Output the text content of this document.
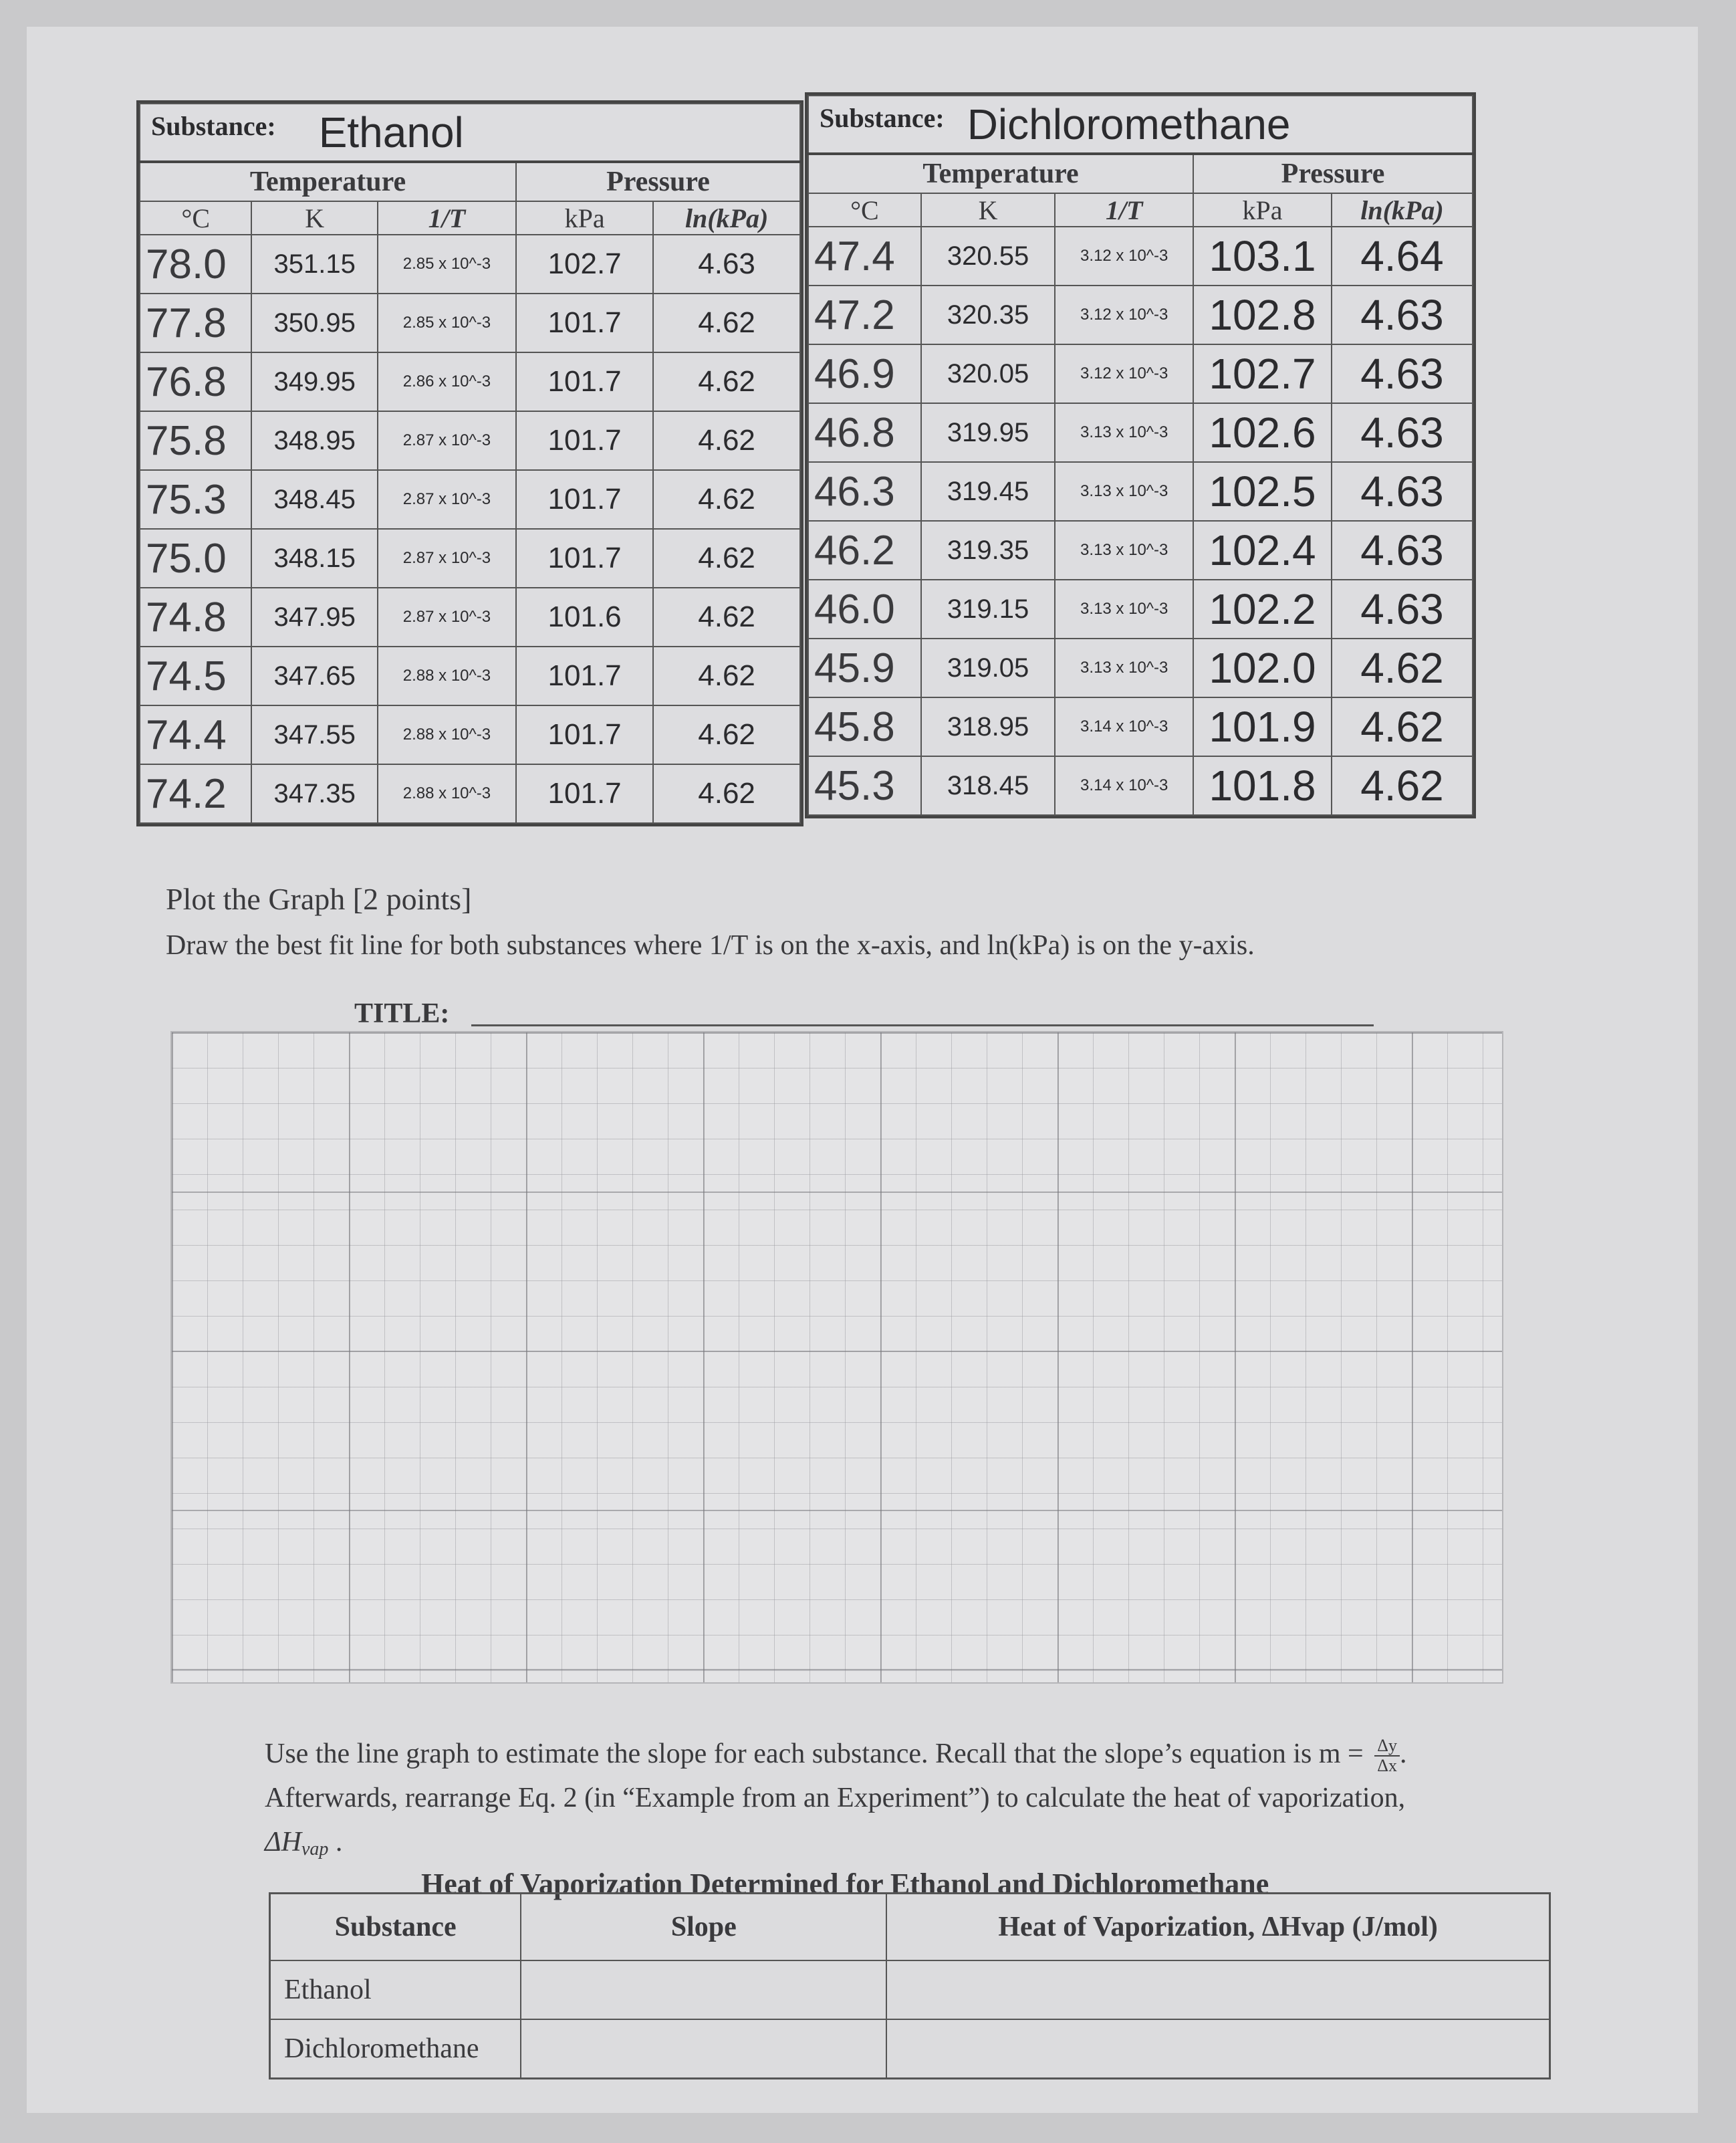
Substance: Ethanol				
Temperature			Pressure	
°C	K	1/T	kPa	ln(kPa)
78.0	351.15	2.85 x 10^-3	102.7	4.63
77.8	350.95	2.85 x 10^-3	101.7	4.62
76.8	349.95	2.86 x 10^-3	101.7	4.62
75.8	348.95	2.87 x 10^-3	101.7	4.62
75.3	348.45	2.87 x 10^-3	101.7	4.62
75.0	348.15	2.87 x 10^-3	101.7	4.62
74.8	347.95	2.87 x 10^-3	101.6	4.62
74.5	347.65	2.88 x 10^-3	101.7	4.62
74.4	347.55	2.88 x 10^-3	101.7	4.62
74.2	347.35	2.88 x 10^-3	101.7	4.62
Substance: Dichloromethane				
Temperature			Pressure	
°C	K	1/T	kPa	ln(kPa)
47.4	320.55	3.12 x 10^-3	103.1	4.64
47.2	320.35	3.12 x 10^-3	102.8	4.63
46.9	320.05	3.12 x 10^-3	102.7	4.63
46.8	319.95	3.13 x 10^-3	102.6	4.63
46.3	319.45	3.13 x 10^-3	102.5	4.63
46.2	319.35	3.13 x 10^-3	102.4	4.63
46.0	319.15	3.13 x 10^-3	102.2	4.63
45.9	319.05	3.13 x 10^-3	102.0	4.62
45.8	318.95	3.14 x 10^-3	101.9	4.62
45.3	318.45	3.14 x 10^-3	101.8	4.62
Plot the Graph [2 points]
Draw the best fit line for both substances where 1/T is on the x-axis, and ln(kPa) is on the y-axis.
TITLE:
Use the line graph to estimate the slope for each substance. Recall that the slope’s equation is $m = \frac{\Delta y}{\Delta x}$ .
Afterwards, rearrange Eq. 2 (in “Example from an Experiment”) to calculate the heat of vaporization,
$\Delta H_{vap}$ .
Heat of Vaporization Determined for Ethanol and Dichloromethane
Substance	Slope	Heat of Vaporization, ΔHvap (J/mol)
Ethanol		
Dichloromethane		
